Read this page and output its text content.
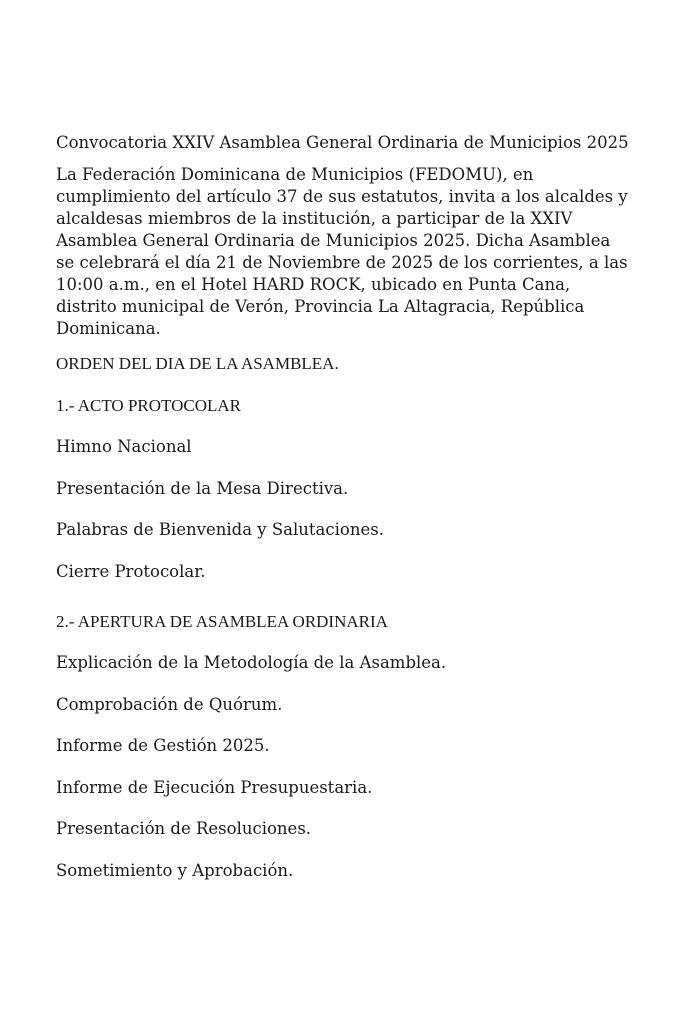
Convocatoria XXIV Asamblea General Ordinaria de Municipios 2025

La Federación Dominicana de Municipios (FEDOMU), en
cumplimiento del artículo 37 de sus estatutos, invita a los alcaldes y
alcaldesas miembros de la institución, a participar de la XXIV
Asamblea General Ordinaria de Municipios 2025. Dicha Asamblea
se celebrará el día 21 de Noviembre de 2025 de los corrientes, a las
10:00 a.m., en el Hotel HARD ROCK, ubicado en Punta Cana,
distrito municipal de Verón, Provincia La Altagracia, República
Dominicana.

ORDEN DEL DIA DE LA ASAMBLEA.

1.- ACTO PROTOCOLAR

Himno Nacional

Presentación de la Mesa Directiva.

Palabras de Bienvenida y Salutaciones.

Cierre Protocolar.

2.- APERTURA DE ASAMBLEA ORDINARIA

Explicación de la Metodología de la Asamblea.

Comprobación de Quórum.

Informe de Gestión 2025.

Informe de Ejecución Presupuestaria.

Presentación de Resoluciones.

Sometimiento y Aprobación.
